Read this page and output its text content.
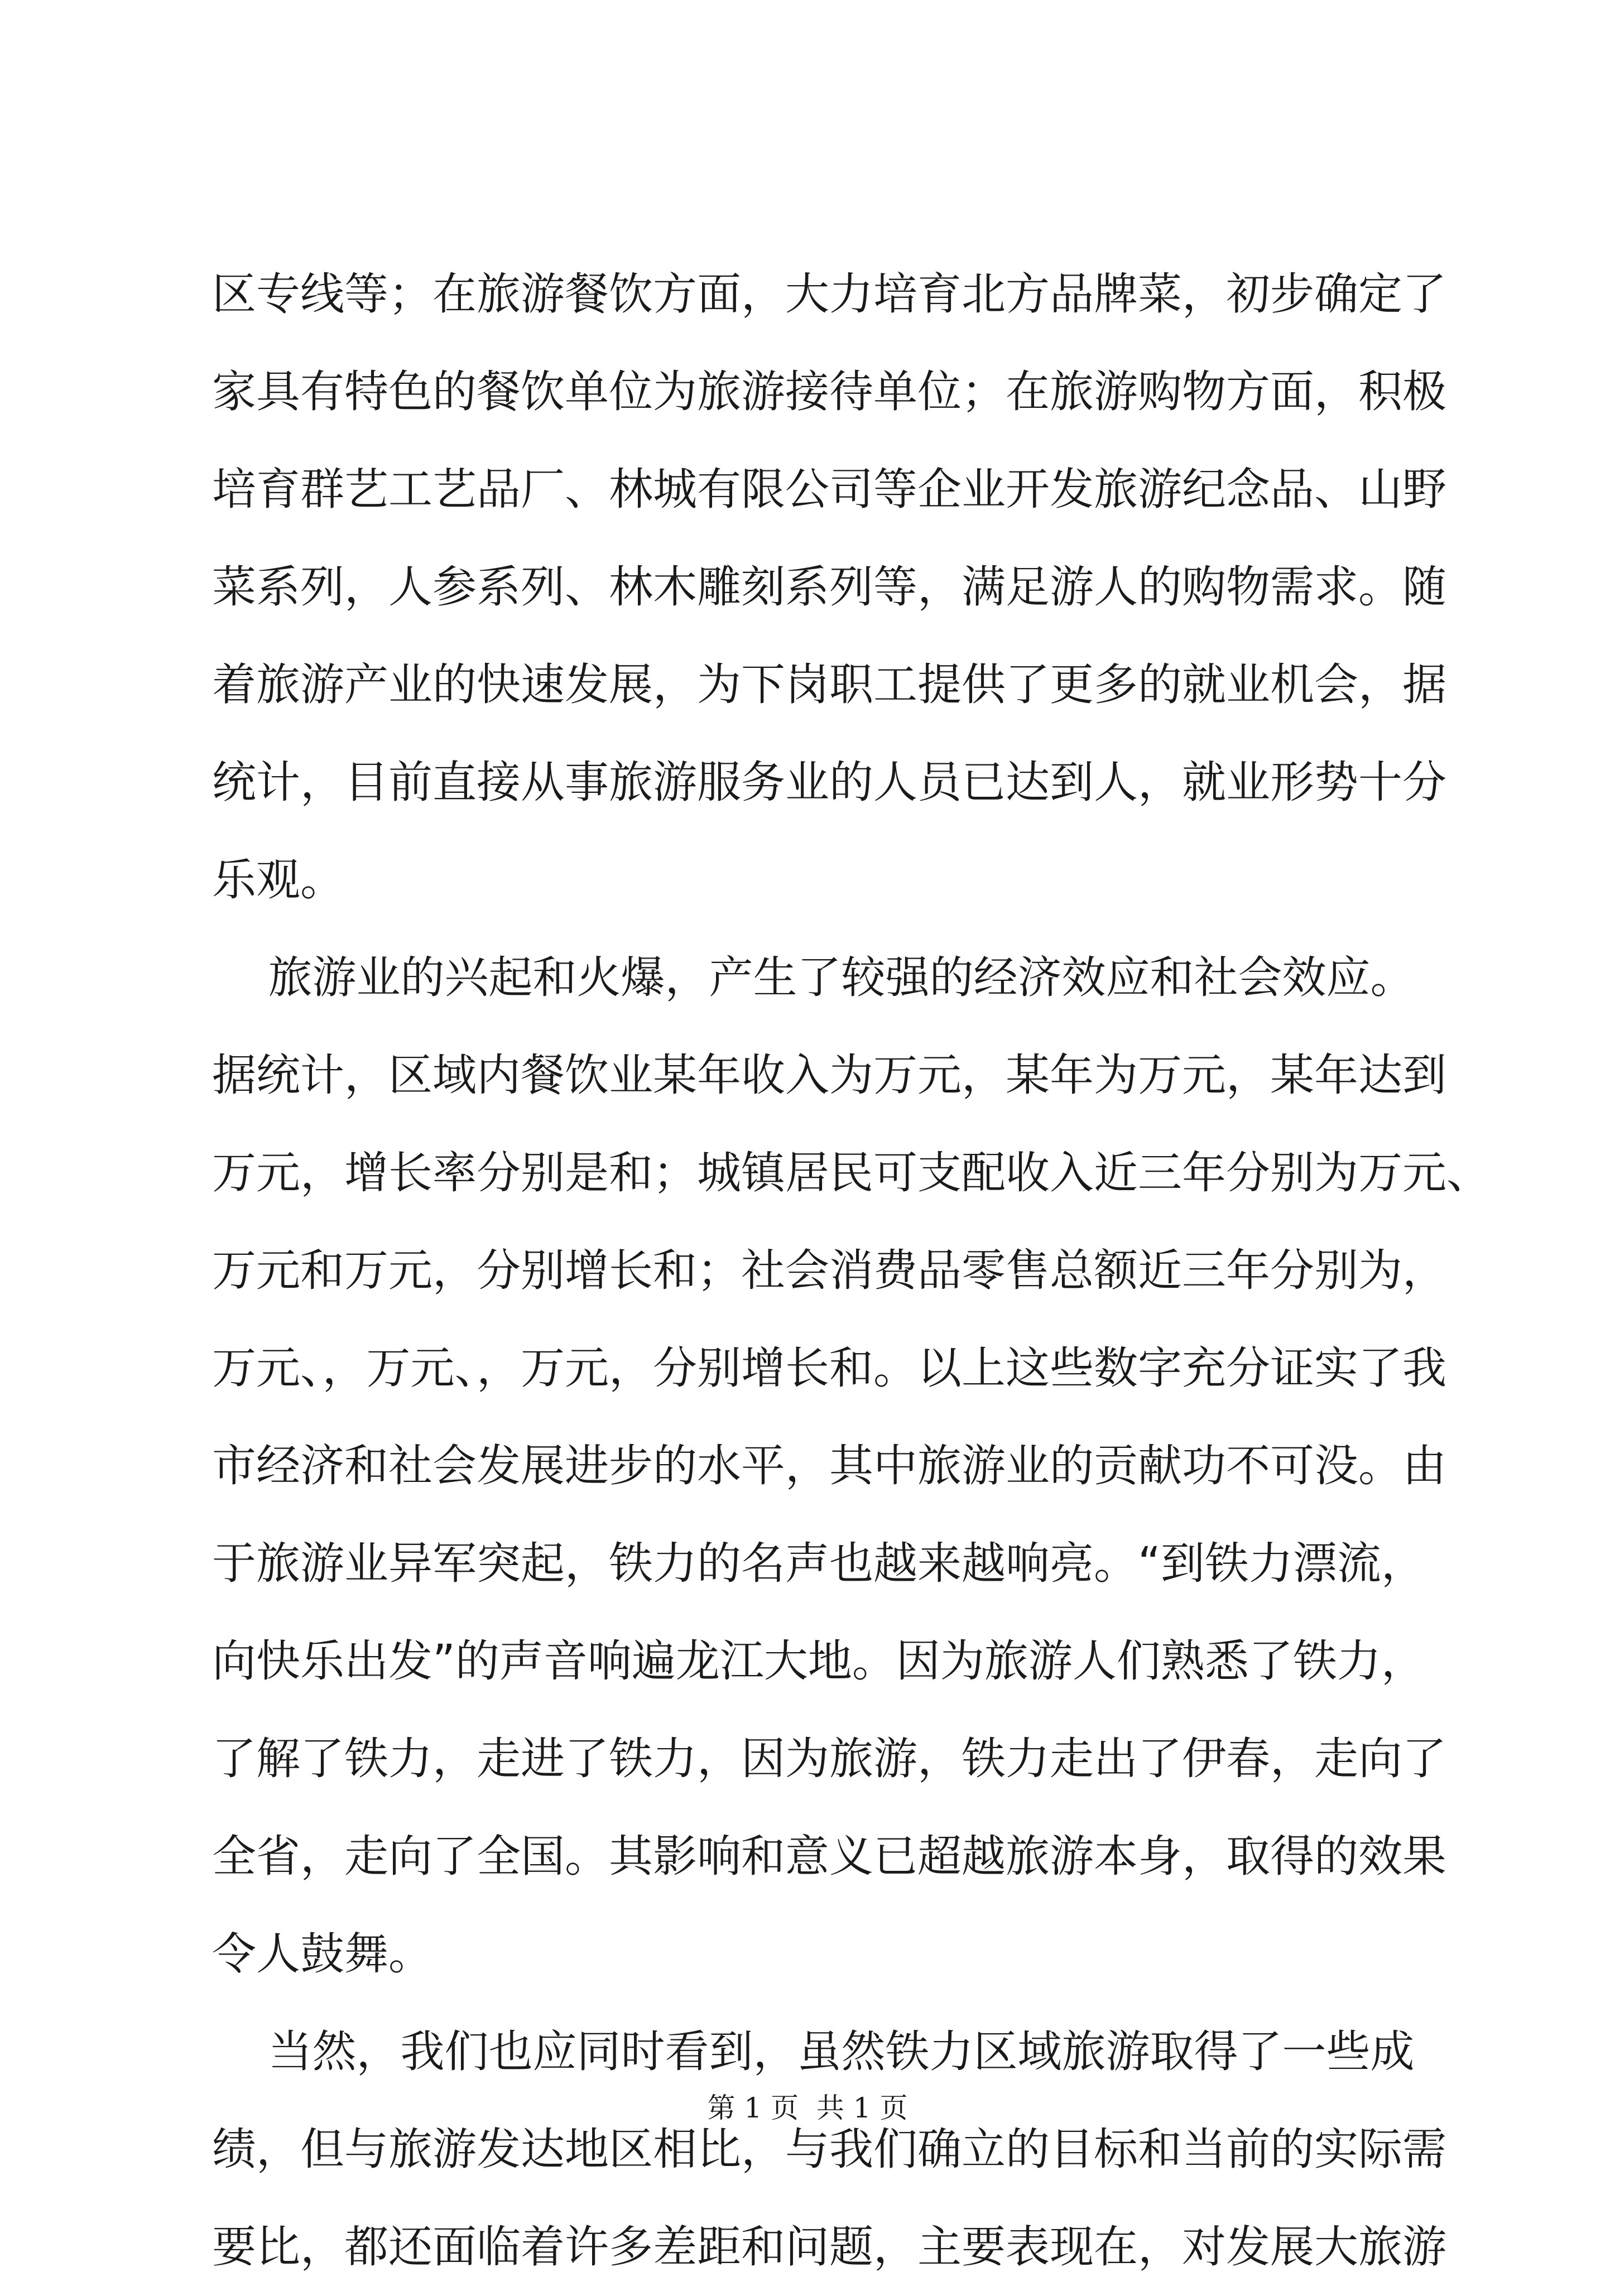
区专线等；在旅游餐饮方面，大力培育北方品牌菜，初步确定了
家具有特色的餐饮单位为旅游接待单位；在旅游购物方面，积极
培育群艺工艺品厂、林城有限公司等企业开发旅游纪念品、山野
菜系列，人参系列、林木雕刻系列等，满足游人的购物需求。随
着旅游产业的快速发展，为下岗职工提供了更多的就业机会，据
统计，目前直接从事旅游服务业的人员已达到人，就业形势十分
乐观。
旅游业的兴起和火爆，产生了较强的经济效应和社会效应。
据统计，区域内餐饮业某年收入为万元，某年为万元，某年达到
万元，增长率分别是和；城镇居民可支配收入近三年分别为万元、
万元和万元，分别增长和；社会消费品零售总额近三年分别为，
万元、，万元、，万元，分别增长和。以上这些数字充分证实了我
市经济和社会发展进步的水平，其中旅游业的贡献功不可没。由
于旅游业异军突起，铁力的名声也越来越响亮。“到铁力漂流，
向快乐出发”的声音响遍龙江大地。因为旅游人们熟悉了铁力，
了解了铁力，走进了铁力，因为旅游，铁力走出了伊春，走向了
全省，走向了全国。其影响和意义已超越旅游本身，取得的效果
令人鼓舞。
当然，我们也应同时看到，虽然铁力区域旅游取得了一些成
绩，但与旅游发达地区相比，与我们确立的目标和当前的实际需
要比，都还面临着许多差距和问题，主要表现在，对发展大旅游
第 1 页  共 1 页
